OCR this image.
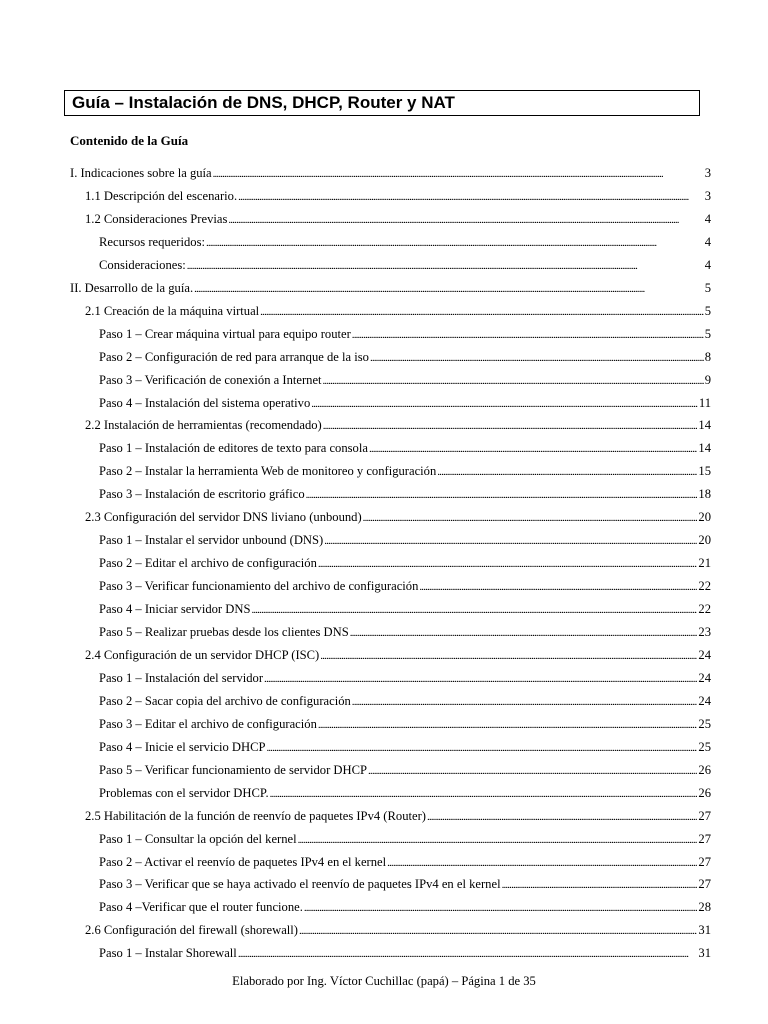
Guía – Instalación de DNS, DHCP, Router y NAT
Contenido de la Guía
I. Indicaciones sobre la guía . . .	3
1.1 Descripción del escenario. . . .	3
1.2 Consideraciones Previas . . .	4
Recursos requeridos: . . .	4
Consideraciones: . . .	4
II. Desarrollo de la guía. . . .	5
2.1 Creación de la máquina virtual . . .	5
Paso 1 – Crear máquina virtual para equipo router . . .	5
Paso 2 – Configuración de red para arranque de la iso . . .	8
Paso 3 – Verificación de conexión a Internet . . .	9
Paso 4 – Instalación del sistema operativo . . .	11
2.2 Instalación de herramientas (recomendado) . . .	14
Paso 1 – Instalación de editores de texto para consola . . .	14
Paso 2 – Instalar la herramienta Web de monitoreo y configuración . . .	15
Paso 3 – Instalación de escritorio gráfico . . .	18
2.3 Configuración del servidor DNS liviano (unbound) . . .	20
Paso 1 – Instalar el servidor unbound (DNS) . . .	20
Paso 2 – Editar el archivo de configuración . . .	21
Paso 3 – Verificar funcionamiento del archivo de configuración . . .	22
Paso 4 – Iniciar servidor DNS . . .	22
Paso 5 – Realizar pruebas desde los clientes DNS . . .	23
2.4 Configuración de un servidor DHCP (ISC) . . .	24
Paso 1 – Instalación del servidor . . .	24
Paso 2 – Sacar copia del archivo de configuración . . .	24
Paso 3 – Editar el archivo de configuración . . .	25
Paso 4 – Inicie el servicio DHCP . . .	25
Paso 5 – Verificar funcionamiento de servidor DHCP . . .	26
Problemas con el servidor DHCP. . . .	26
2.5 Habilitación de la función de reenvío de paquetes IPv4 (Router) . . .	27
Paso 1 – Consultar la opción del kernel . . .	27
Paso 2 – Activar el reenvío de paquetes IPv4 en el kernel . . .	27
Paso 3 – Verificar que se haya activado el reenvío de paquetes IPv4 en el kernel . . .	27
Paso 4 –Verificar que el router funcione. . . .	28
2.6 Configuración del firewall (shorewall) . . .	31
Paso 1 – Instalar Shorewall . . .	31
Elaborado por Ing. Víctor Cuchillac (papá) – Página 1 de 35
